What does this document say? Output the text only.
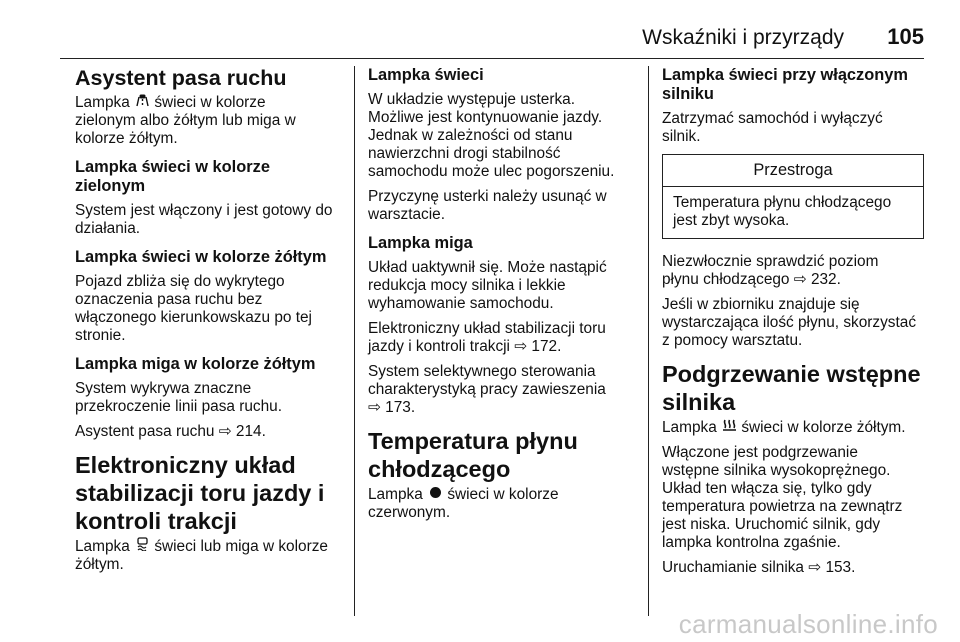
Wskaźniki i przyrządy 105
Asystent pasa ruchu

Lampka  świeci w kolorze
zielonym albo żółtym lub miga w
kolorze żółtym.

Lampka świeci w kolorze
zielonym

System jest włączony i jest gotowy do
działania.

Lampka świeci w kolorze żółtym

Pojazd zbliża się do wykrytego
oznaczenia pasa ruchu bez
włączonego kierunkowskazu po tej
stronie.

Lampka miga w kolorze żółtym

System wykrywa znaczne
przekroczenie linii pasa ruchu.

Asystent pasa ruchu ⇨ 214.

Elektroniczny układ
stabilizacji toru jazdy i
kontroli trakcji

Lampka  świeci lub miga w kolorze
żółtym.

Lampka świeci

W układzie występuje usterka.
Możliwe jest kontynuowanie jazdy.
Jednak w zależności od stanu
nawierzchni drogi stabilność
samochodu może ulec pogorszeniu.

Przyczynę usterki należy usunąć w
warsztacie.

Lampka miga

Układ uaktywnił się. Może nastąpić
redukcja mocy silnika i lekkie
wyhamowanie samochodu.

Elektroniczny układ stabilizacji toru
jazdy i kontroli trakcji ⇨ 172.

System selektywnego sterowania
charakterystyką pracy zawieszenia
⇨ 173.

Temperatura płynu
chłodzącego

Lampka  świeci w kolorze
czerwonym.

Lampka świeci przy włączonym
silniku

Zatrzymać samochód i wyłączyć
silnik.

Przestroga
Temperatura płynu chłodzącego
jest zbyt wysoka.

Niezwłocznie sprawdzić poziom
płynu chłodzącego ⇨ 232.

Jeśli w zbiorniku znajduje się
wystarczająca ilość płynu, skorzystać
z pomocy warsztatu.

Podgrzewanie wstępne
silnika

Lampka  świeci w kolorze żółtym.

Włączone jest podgrzewanie
wstępne silnika wysokoprężnego.
Układ ten włącza się, tylko gdy
temperatura powietrza na zewnątrz
jest niska. Uruchomić silnik, gdy
lampka kontrolna zgaśnie.

Uruchamianie silnika ⇨ 153.

carmanualsonline.info
